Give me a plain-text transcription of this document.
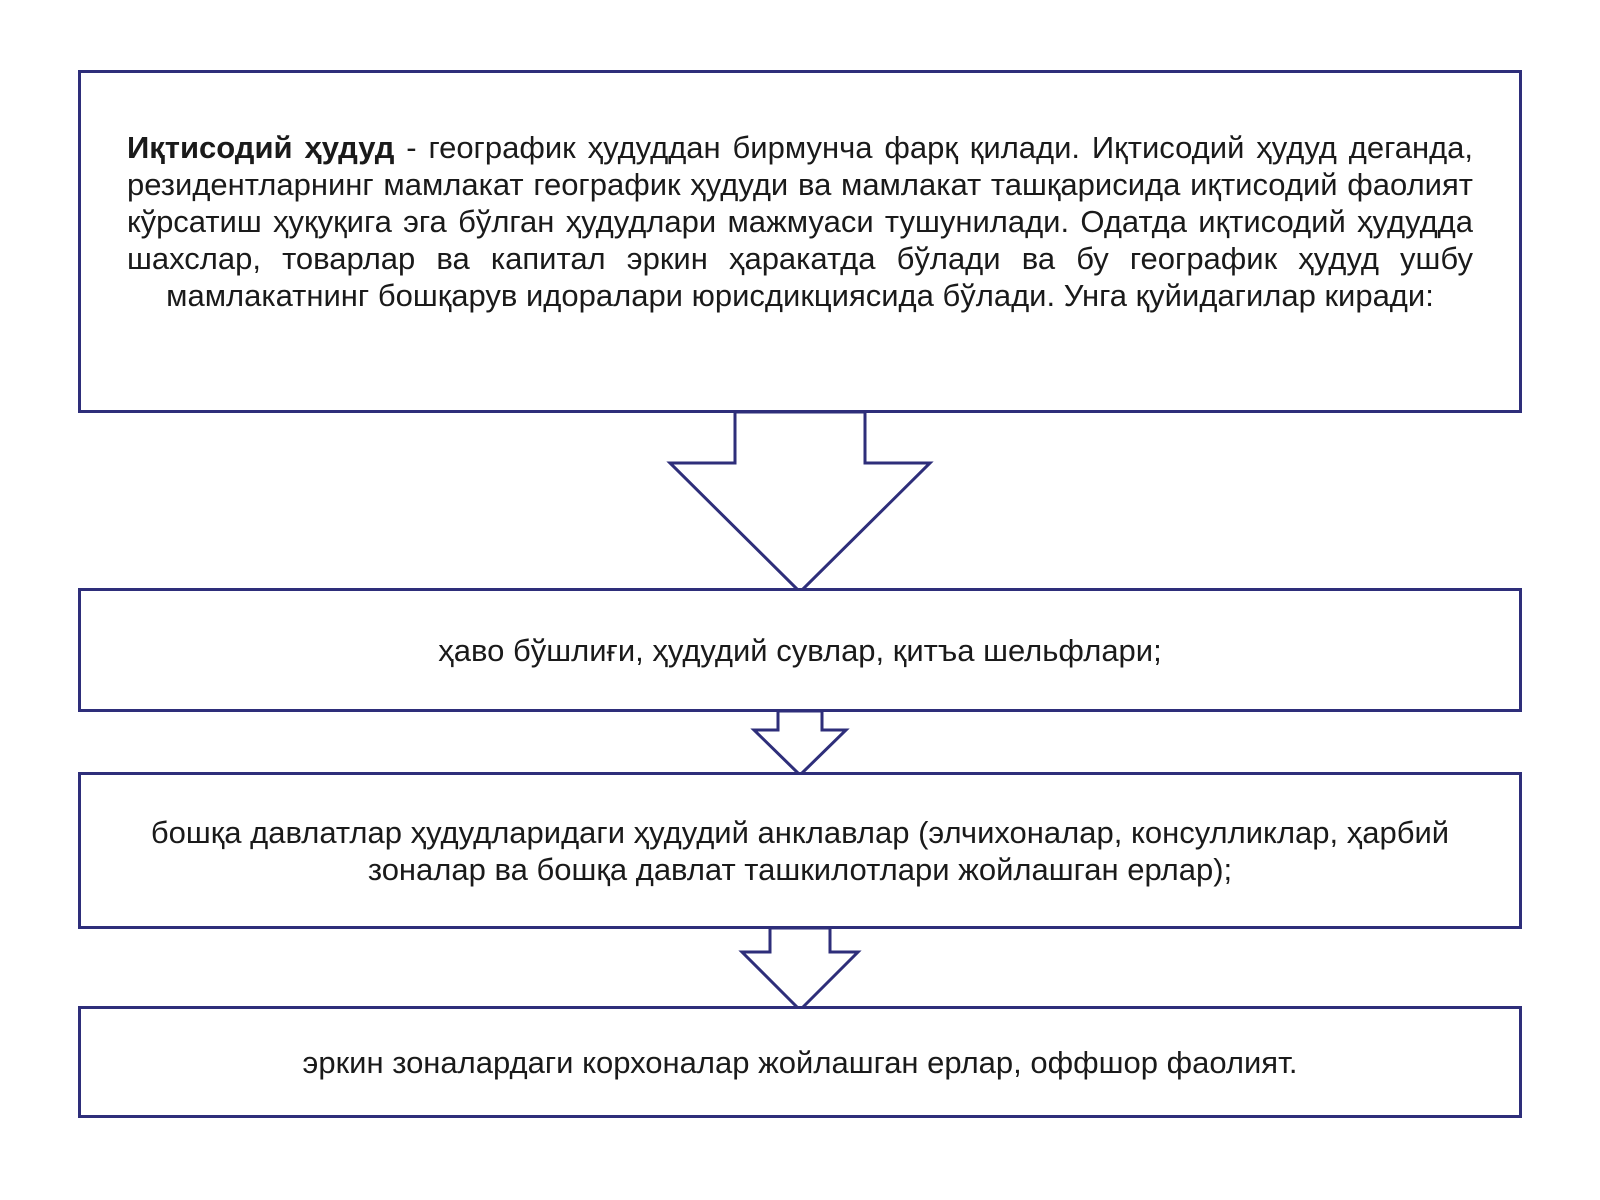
Иқтисодий ҳудуд - географик ҳудуддан бирмунча фарқ қилади. Иқтисодий ҳудуд деганда, резидентларнинг мамлакат географик ҳудуди ва мамлакат ташқарисида иқтисодий фаолият кўрсатиш ҳуқуқига эга бўлган ҳудудлари мажмуаси тушунилади. Одатда иқтисодий ҳудудда шахслар, товарлар ва капитал эркин ҳаракатда бўлади ва бу географик ҳудуд ушбу мамлакатнинг бошқарув идоралари юрисдикциясида бўлади. Унга қуйидагилар киради:
ҳаво бўшлиғи, ҳудудий сувлар, қитъа шельфлари;
бошқа давлатлар ҳудудларидаги ҳудудий анклавлар (элчихоналар, консулликлар, ҳарбий зоналар ва бошқа давлат ташкилотлари жойлашган ерлар);
эркин зоналардаги корхоналар жойлашган ерлар, оффшор фаолият.
